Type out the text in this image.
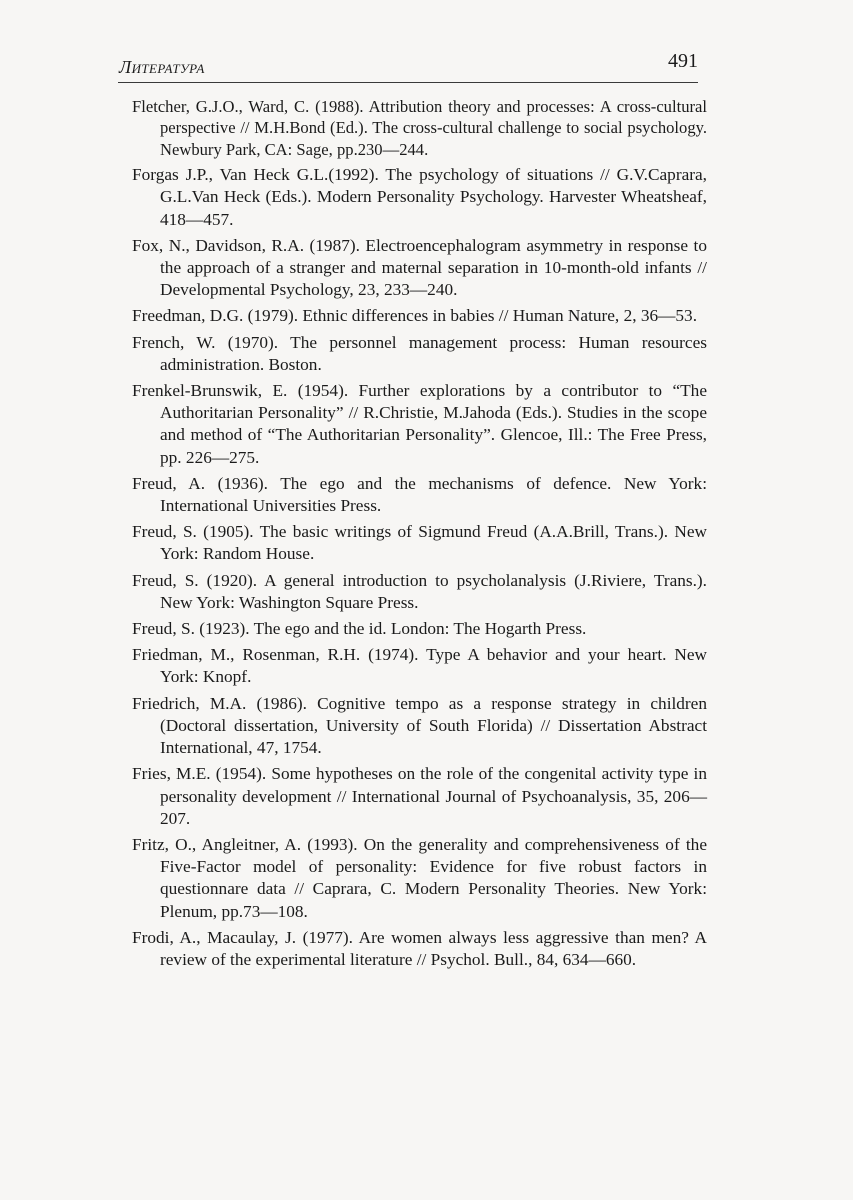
Литература	491

Fletcher, G.J.O., Ward, C. (1988). Attribution theory and processes: A cross-cultural perspective // M.H.Bond (Ed.). The cross-cultural challenge to social psychology. Newbury Park, CA: Sage, pp.230—244.

Forgas J.P., Van Heck G.L.(1992). The psychology of situations // G.V.Caprara, G.L.Van Heck (Eds.). Modern Personality Psychology. Harvester Wheatsheaf, 418—457.

Fox, N., Davidson, R.A. (1987). Electroencephalogram asymmetry in response to the approach of a stranger and maternal separation in 10-month-old infants // Developmental Psychology, 23, 233—240.

Freedman, D.G. (1979). Ethnic differences in babies // Human Nature, 2, 36—53.

French, W. (1970). The personnel management process: Human resources administration. Boston.

Frenkel-Brunswik, E. (1954). Further explorations by a contributor to “The Authoritarian Personality” // R.Christie, M.Jahoda (Eds.). Studies in the scope and method of “The Authoritarian Personality”. Glencoe, Ill.: The Free Press, pp. 226—275.

Freud, A. (1936). The ego and the mechanisms of defence. New York: International Universities Press.

Freud, S. (1905). The basic writings of Sigmund Freud (A.A.Brill, Trans.). New York: Random House.

Freud, S. (1920). A general introduction to psycholanalysis (J.Riviere, Trans.). New York: Washington Square Press.

Freud, S. (1923). The ego and the id. London: The Hogarth Press.

Friedman, M., Rosenman, R.H. (1974). Type A behavior and your heart. New York: Knopf.

Friedrich, M.A. (1986). Cognitive tempo as a response strategy in children (Doctoral dissertation, University of South Florida) // Dissertation Abstract International, 47, 1754.

Fries, M.E. (1954). Some hypotheses on the role of the congenital activity type in personality development // International Journal of Psychoanalysis, 35, 206—207.

Fritz, O., Angleitner, A. (1993). On the generality and comprehensiveness of the Five-Factor model of personality: Evidence for five robust factors in questionnare data // Caprara, C. Modern Personality Theories. New York: Plenum, pp.73—108.

Frodi, A., Macaulay, J. (1977). Are women always less aggressive than men? A review of the experimental literature // Psychol. Bull., 84, 634—660.
